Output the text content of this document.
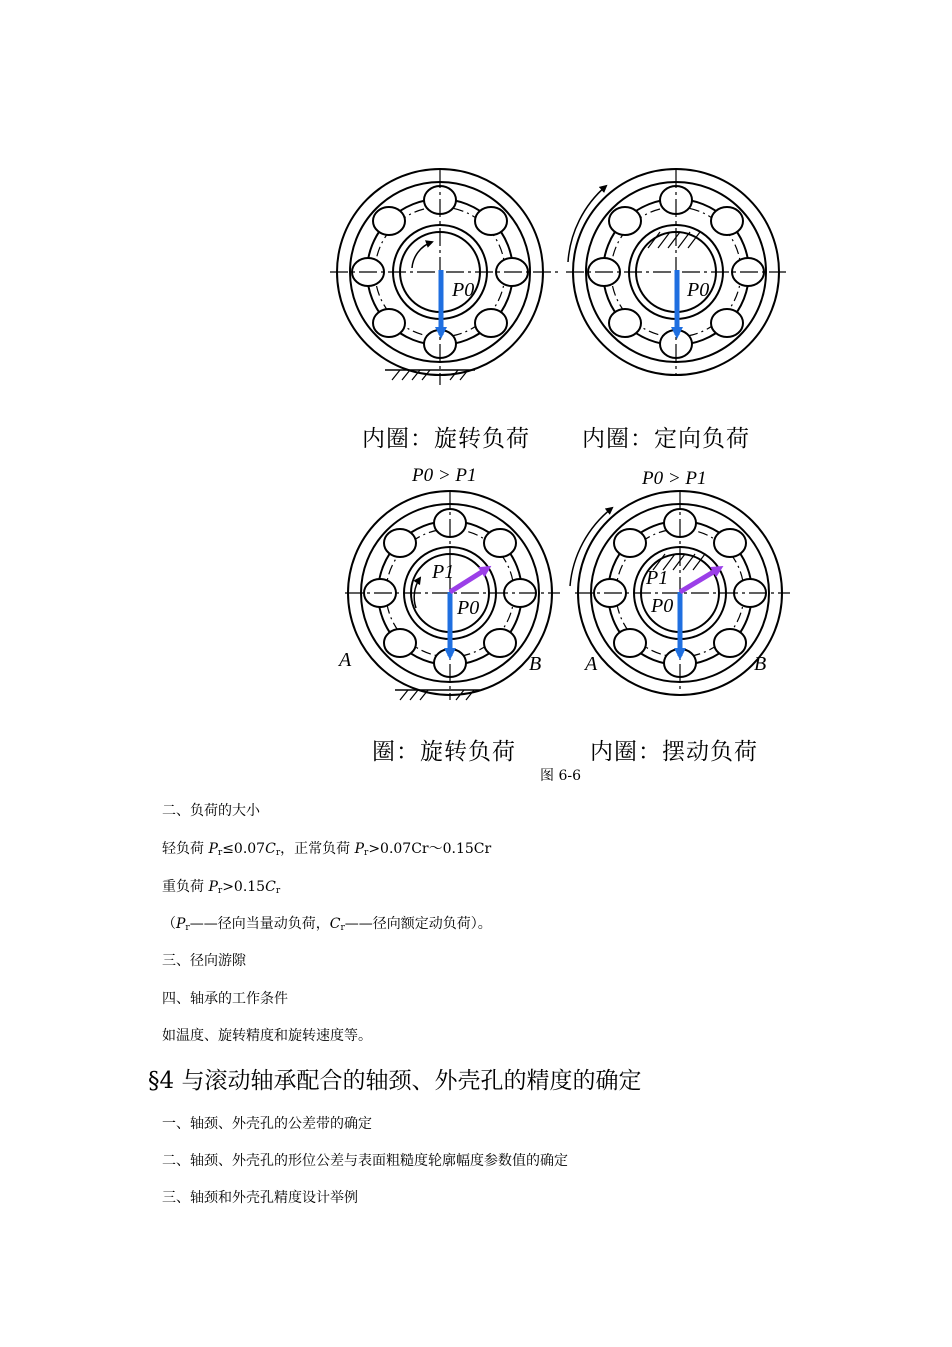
P0	P0
P1
P0
A	B
P1
P0
A	B
内圈：旋转负荷 内圈：定向负荷
P0 > P1	P0 > P1
圈：旋转负荷	内圈：摆动负荷
图 6-6
二、负荷的大小
轻负荷 $P_r\le 0.07C_r$，正常负荷 $P_r>0.07Cr\sim 0.15Cr$
重负荷 $P_r>0.15C_r$
（$P_r——$径向当量动负荷，$C_r——$径向额定动负荷）。
三、径向游隙
四、轴承的工作条件
如温度、旋转精度和旋转速度等。
§4 与滚动轴承配合的轴颈、外壳孔的精度的确定
一、轴颈、外壳孔的公差带的确定
二、轴颈、外壳孔的形位公差与表面粗糙度轮廓幅度参数值的确定
三、轴颈和外壳孔精度设计举例
